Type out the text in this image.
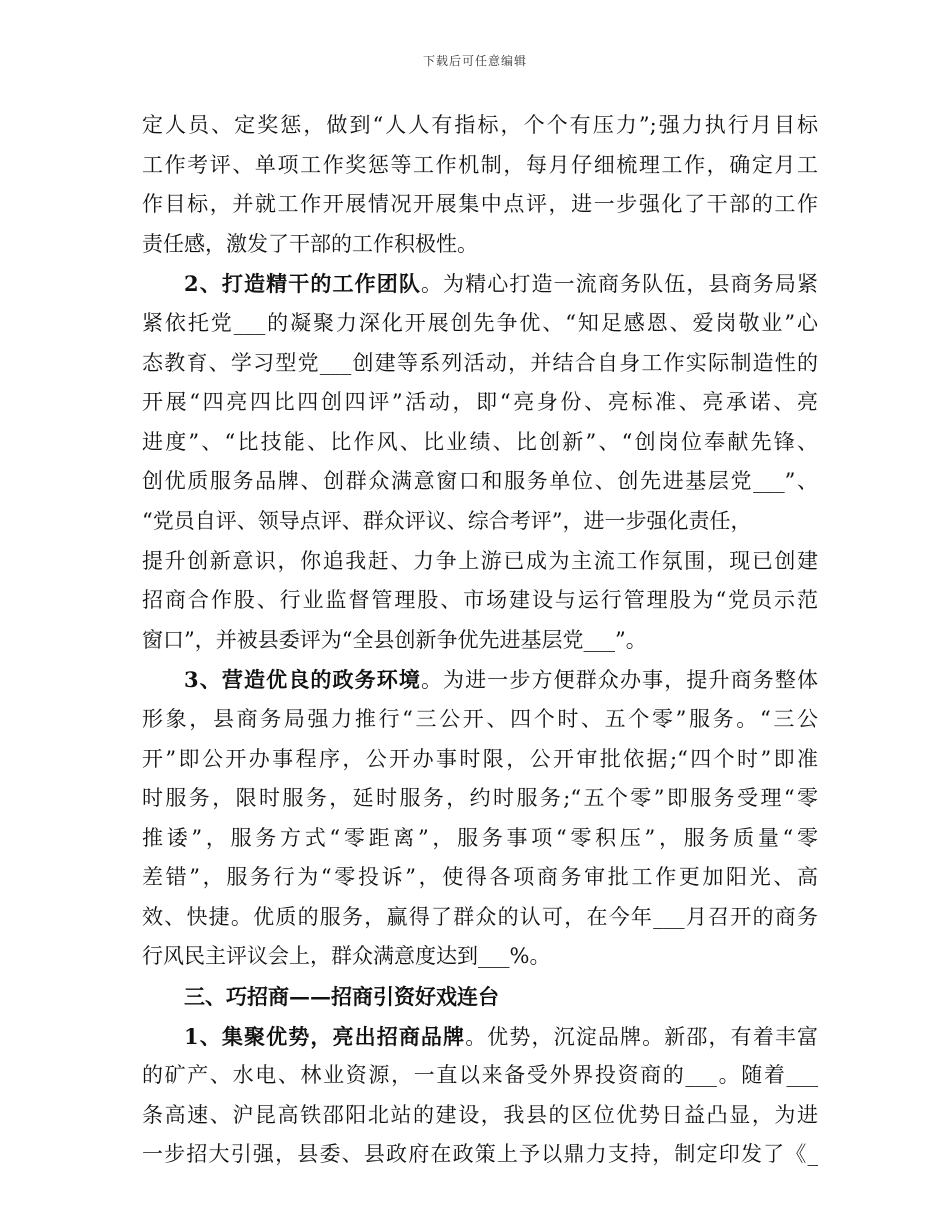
下载后可任意编辑
定人员、定奖惩，做到“人人有指标，个个有压力”;强力执行月目标
工作考评、单项工作奖惩等工作机制，每月仔细梳理工作，确定月工
作目标，并就工作开展情况开展集中点评，进一步强化了干部的工作
责任感，激发了干部的工作积极性。
2、打造精干的工作团队。为精心打造一流商务队伍，县商务局紧
紧依托党___的凝聚力深化开展创先争优、“知足感恩、爱岗敬业”心
态教育、学习型党___创建等系列活动，并结合自身工作实际制造性的
开展“四亮四比四创四评”活动，即“亮身份、亮标准、亮承诺、亮
进度”、“比技能、比作风、比业绩、比创新”、“创岗位奉献先锋、
创优质服务品牌、创群众满意窗口和服务单位、创先进基层党___”、
“党员自评、领导点评、群众评议、综合考评”，进一步强化责任，
提升创新意识，你追我赶、力争上游已成为主流工作氛围，现已创建
招商合作股、行业监督管理股、市场建设与运行管理股为“党员示范
窗口”，并被县委评为“全县创新争优先进基层党___”。
3、营造优良的政务环境。为进一步方便群众办事，提升商务整体
形象，县商务局强力推行“三公开、四个时、五个零”服务。“三公
开”即公开办事程序，公开办事时限，公开审批依据;“四个时”即准
时服务，限时服务，延时服务，约时服务;“五个零”即服务受理“零
推诿”，服务方式“零距离”，服务事项“零积压”，服务质量“零
差错”，服务行为“零投诉”，使得各项商务审批工作更加阳光、高
效、快捷。优质的服务，赢得了群众的认可，在今年___月召开的商务
行风民主评议会上，群众满意度达到___%。
三、巧招商——招商引资好戏连台
1、集聚优势，亮出招商品牌。优势，沉淀品牌。新邵，有着丰富
的矿产、水电、林业资源，一直以来备受外界投资商的___。随着___
条高速、沪昆高铁邵阳北站的建设，我县的区位优势日益凸显，为进
一步招大引强，县委、县政府在政策上予以鼎力支持，制定印发了《_
